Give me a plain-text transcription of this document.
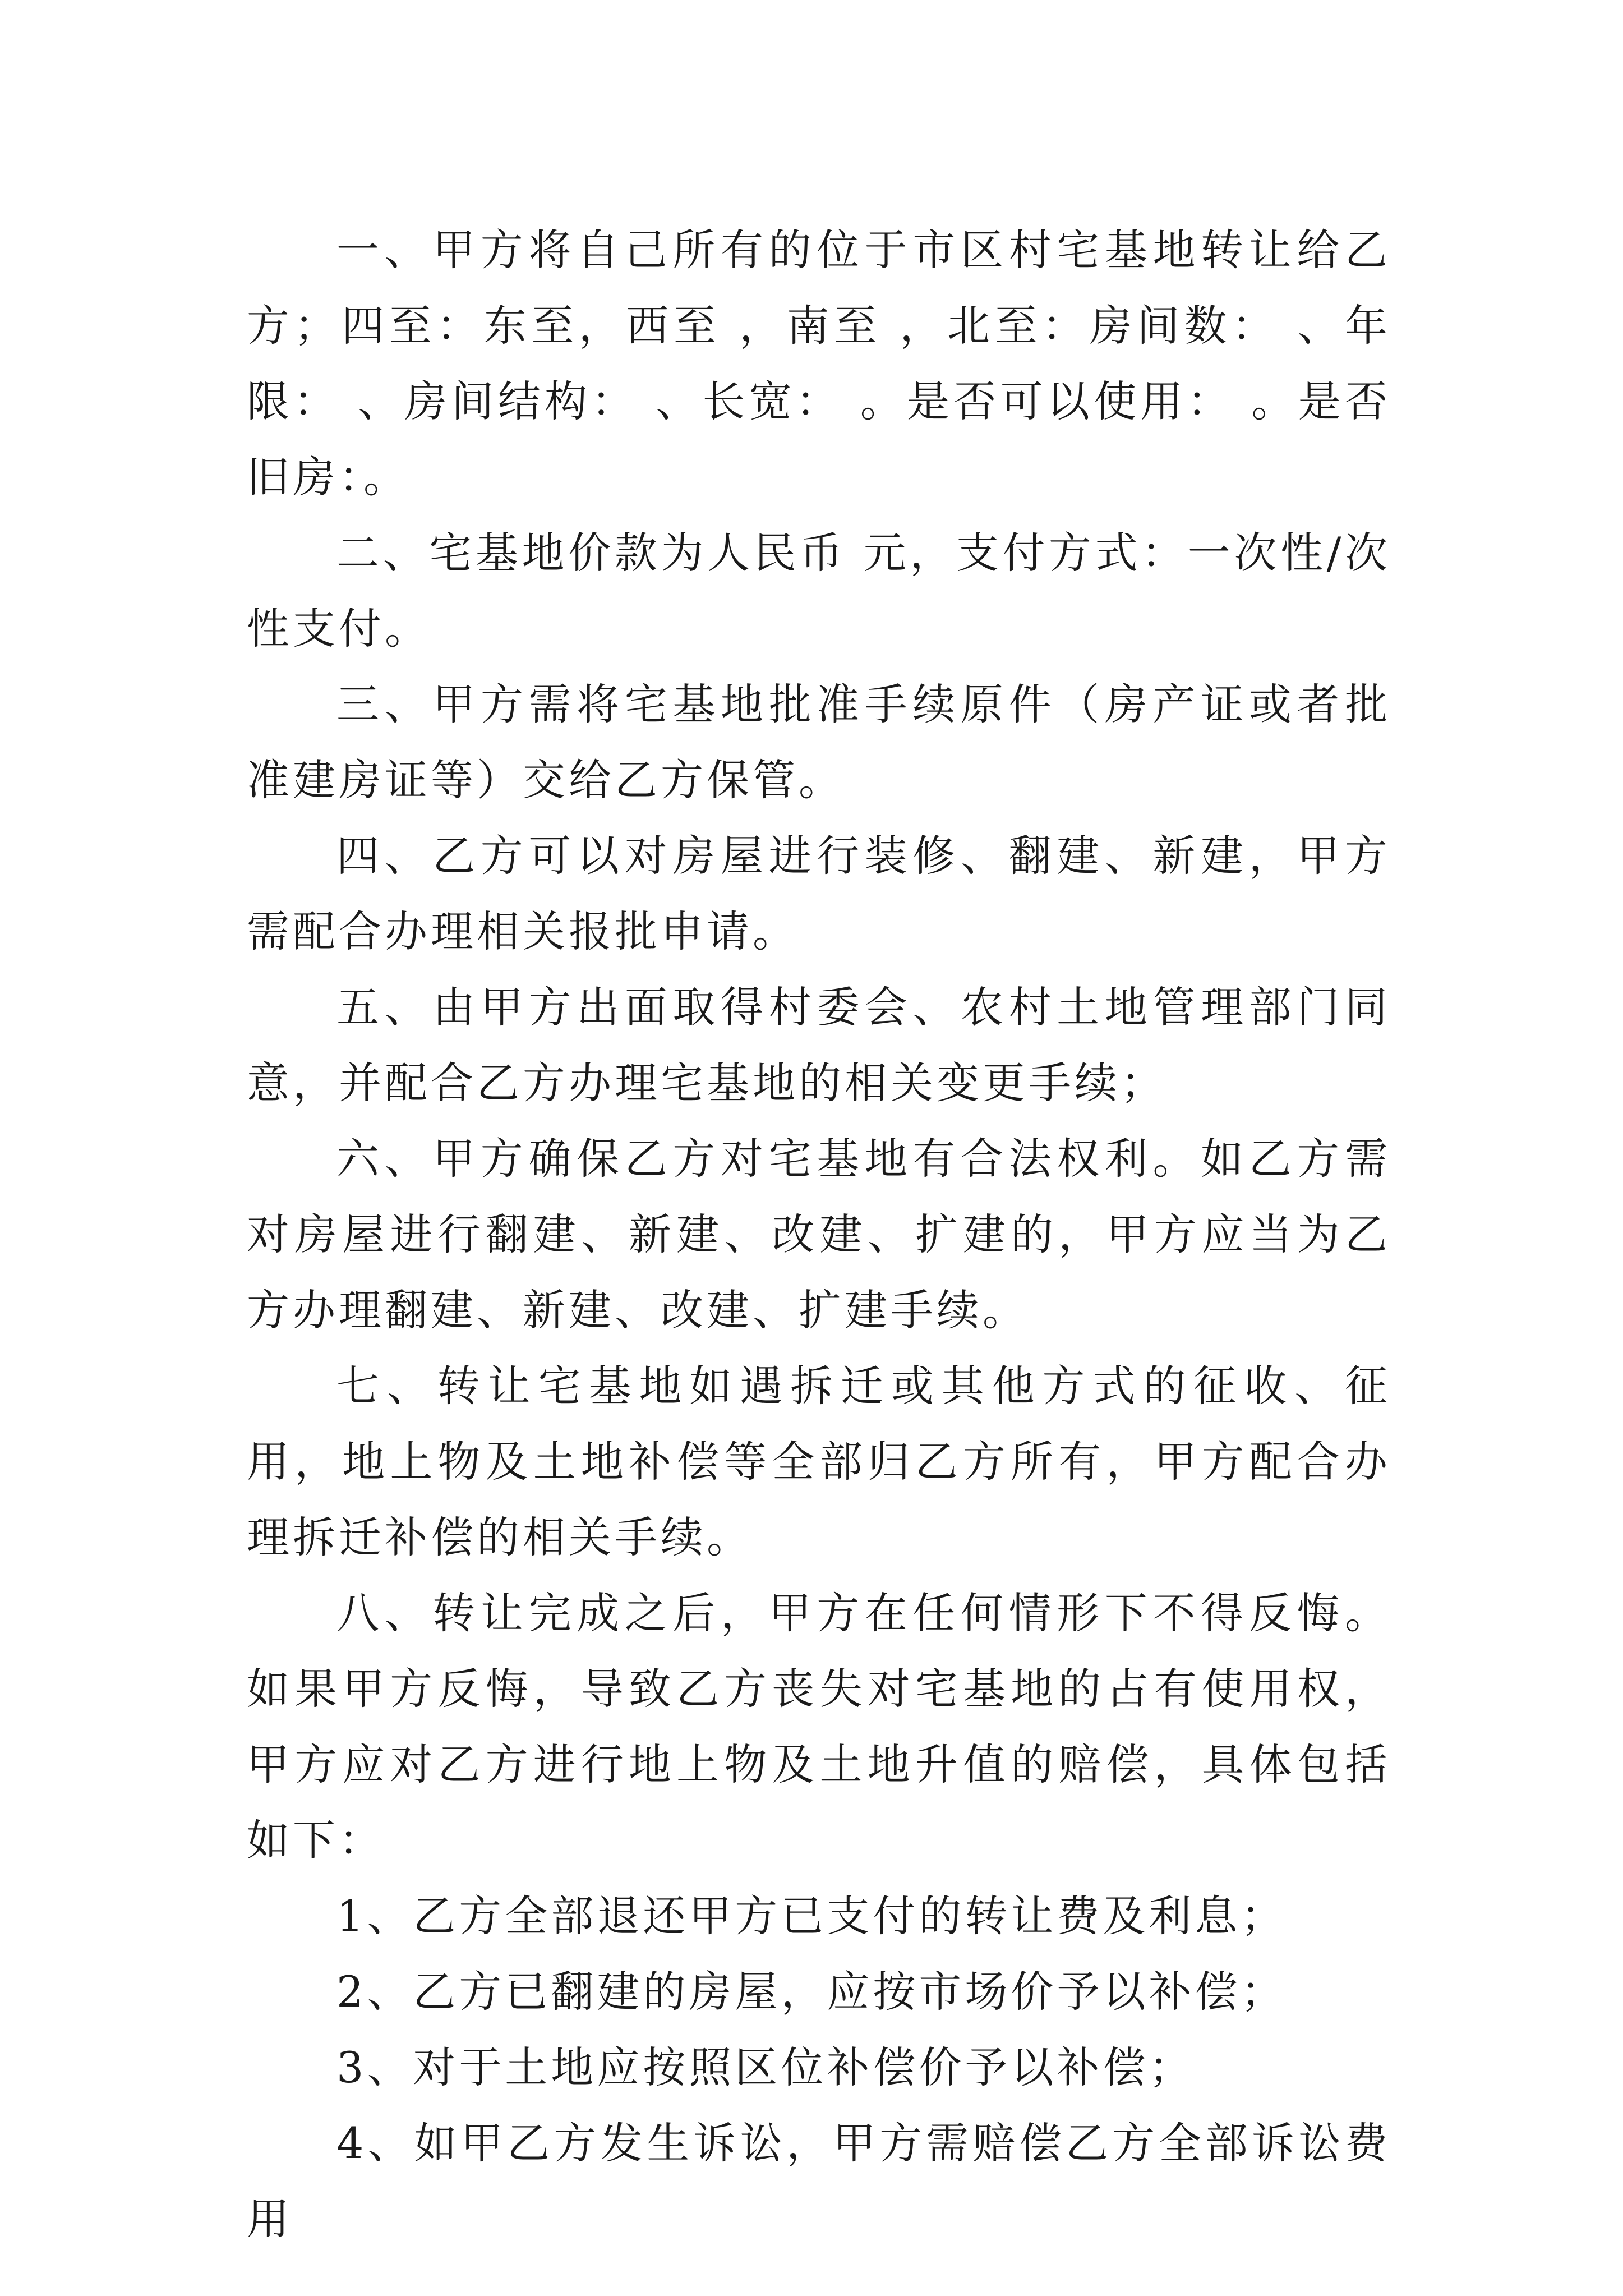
一、甲方将自己所有的位于市区村宅基地转让给乙方；四至：东至，西至 ，南至 ，北至：房间数： 、年限： 、房间结构： 、长宽： 。是否可以使用： 。是否旧房：。

二、宅基地价款为人民币 元，支付方式：一次性/次性支付。

三、甲方需将宅基地批准手续原件（房产证或者批准建房证等）交给乙方保管。

四、乙方可以对房屋进行装修、翻建、新建，甲方需配合办理相关报批申请。

五、由甲方出面取得村委会、农村土地管理部门同意，并配合乙方办理宅基地的相关变更手续；

六、甲方确保乙方对宅基地有合法权利。如乙方需对房屋进行翻建、新建、改建、扩建的，甲方应当为乙方办理翻建、新建、改建、扩建手续。

七、转让宅基地如遇拆迁或其他方式的征收、征用，地上物及土地补偿等全部归乙方所有，甲方配合办理拆迁补偿的相关手续。

八、转让完成之后，甲方在任何情形下不得反悔。如果甲方反悔，导致乙方丧失对宅基地的占有使用权，甲方应对乙方进行地上物及土地升值的赔偿，具体包括如下：

1、乙方全部退还甲方已支付的转让费及利息；

2、乙方已翻建的房屋，应按市场价予以补偿；

3、对于土地应按照区位补偿价予以补偿；

4、如甲乙方发生诉讼，甲方需赔偿乙方全部诉讼费用
